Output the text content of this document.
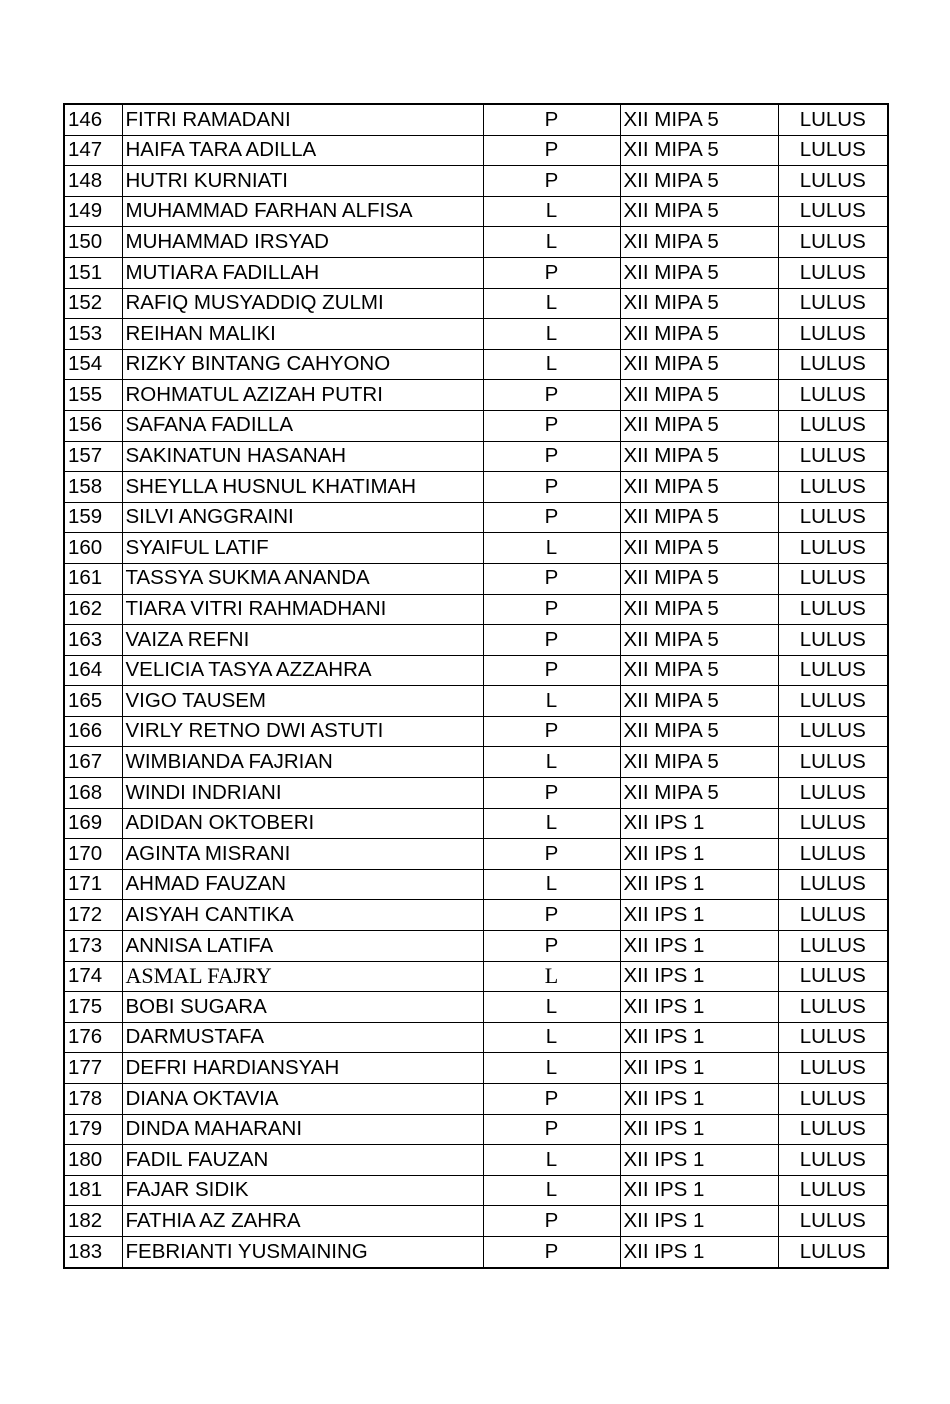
146	FITRI RAMADANI	P	XII MIPA 5	LULUS
147	HAIFA TARA ADILLA	P	XII MIPA 5	LULUS
148	HUTRI KURNIATI	P	XII MIPA 5	LULUS
149	MUHAMMAD FARHAN ALFISA	L	XII MIPA 5	LULUS
150	MUHAMMAD IRSYAD	L	XII MIPA 5	LULUS
151	MUTIARA FADILLAH	P	XII MIPA 5	LULUS
152	RAFIQ MUSYADDIQ ZULMI	L	XII MIPA 5	LULUS
153	REIHAN MALIKI	L	XII MIPA 5	LULUS
154	RIZKY BINTANG CAHYONO	L	XII MIPA 5	LULUS
155	ROHMATUL AZIZAH PUTRI	P	XII MIPA 5	LULUS
156	SAFANA FADILLA	P	XII MIPA 5	LULUS
157	SAKINATUN HASANAH	P	XII MIPA 5	LULUS
158	SHEYLLA HUSNUL KHATIMAH	P	XII MIPA 5	LULUS
159	SILVI ANGGRAINI	P	XII MIPA 5	LULUS
160	SYAIFUL LATIF	L	XII MIPA 5	LULUS
161	TASSYA SUKMA ANANDA	P	XII MIPA 5	LULUS
162	TIARA VITRI RAHMADHANI	P	XII MIPA 5	LULUS
163	VAIZA REFNI	P	XII MIPA 5	LULUS
164	VELICIA TASYA AZZAHRA	P	XII MIPA 5	LULUS
165	VIGO TAUSEM	L	XII MIPA 5	LULUS
166	VIRLY RETNO DWI ASTUTI	P	XII MIPA 5	LULUS
167	WIMBIANDA FAJRIAN	L	XII MIPA 5	LULUS
168	WINDI INDRIANI	P	XII MIPA 5	LULUS
169	ADIDAN OKTOBERI	L	XII IPS 1	LULUS
170	AGINTA MISRANI	P	XII IPS 1	LULUS
171	AHMAD FAUZAN	L	XII IPS 1	LULUS
172	AISYAH CANTIKA	P	XII IPS 1	LULUS
173	ANNISA LATIFA	P	XII IPS 1	LULUS
174	ASMAL FAJRY	L	XII IPS 1	LULUS
175	BOBI SUGARA	L	XII IPS 1	LULUS
176	DARMUSTAFA	L	XII IPS 1	LULUS
177	DEFRI HARDIANSYAH	L	XII IPS 1	LULUS
178	DIANA OKTAVIA	P	XII IPS 1	LULUS
179	DINDA MAHARANI	P	XII IPS 1	LULUS
180	FADIL FAUZAN	L	XII IPS 1	LULUS
181	FAJAR SIDIK	L	XII IPS 1	LULUS
182	FATHIA AZ ZAHRA	P	XII IPS 1	LULUS
183	FEBRIANTI YUSMAINING	P	XII IPS 1	LULUS
